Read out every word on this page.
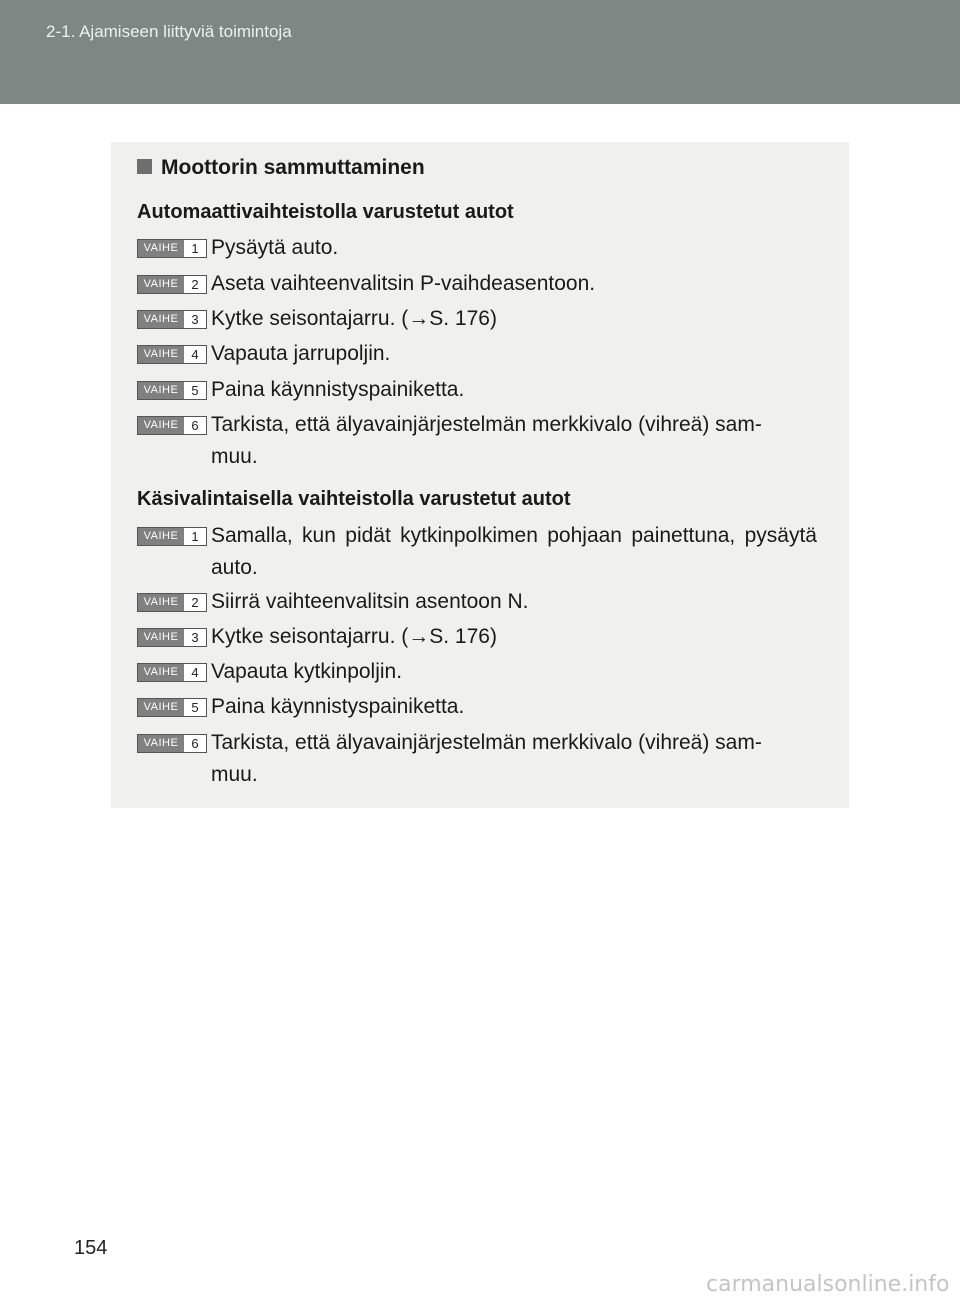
2-1. Ajamiseen liittyviä toimintoja
Moottorin sammuttaminen
Automaattivaihteistolla varustetut autot
VAIHE	1 Pysäytä auto.
VAIHE	2 Aseta vaihteenvalitsin P-vaihdeasentoon.
VAIHE	3 Kytke seisontajarru. (→S. 176)
VAIHE	4 Vapauta jarrupoljin.
VAIHE	5 Paina käynnistyspainiketta.
VAIHE	6 Tarkista, että älyavainjärjestelmän merkkivalo (vihreä) sam-
muu.
Käsivalintaisella vaihteistolla varustetut autot
VAIHE	1 Samalla, kun pidät kytkinpolkimen pohjaan painettuna, pysäytä auto.
VAIHE	2 Siirrä vaihteenvalitsin asentoon N.
VAIHE	3 Kytke seisontajarru. (→S. 176)
VAIHE	4 Vapauta kytkinpoljin.
VAIHE	5 Paina käynnistyspainiketta.
VAIHE	6 Tarkista, että älyavainjärjestelmän merkkivalo (vihreä) sam-
muu.
154
carmanualsonline.info
